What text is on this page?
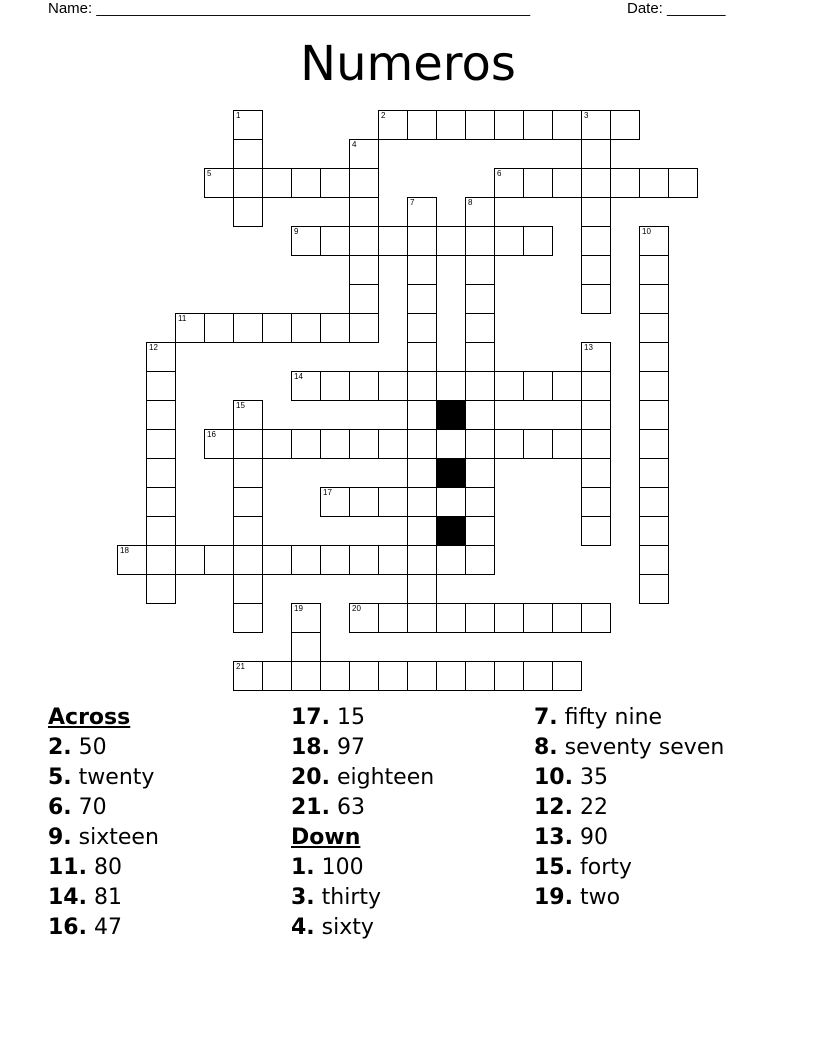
Name: ____________________________________________________	Date: _______
Numeros
2	3
5	6
9
11
14
16
17
18
20
21
1
4
7	8
10
12	13
15
19
Across
2. 50
5. twenty
6. 70
9. sixteen
11. 80
14. 81
16. 47
17. 15
18. 97
20. eighteen
21. 63
Down
1. 100
3. thirty
4. sixty
7. fifty nine
8. seventy seven
10. 35
12. 22
13. 90
15. forty
19. two
